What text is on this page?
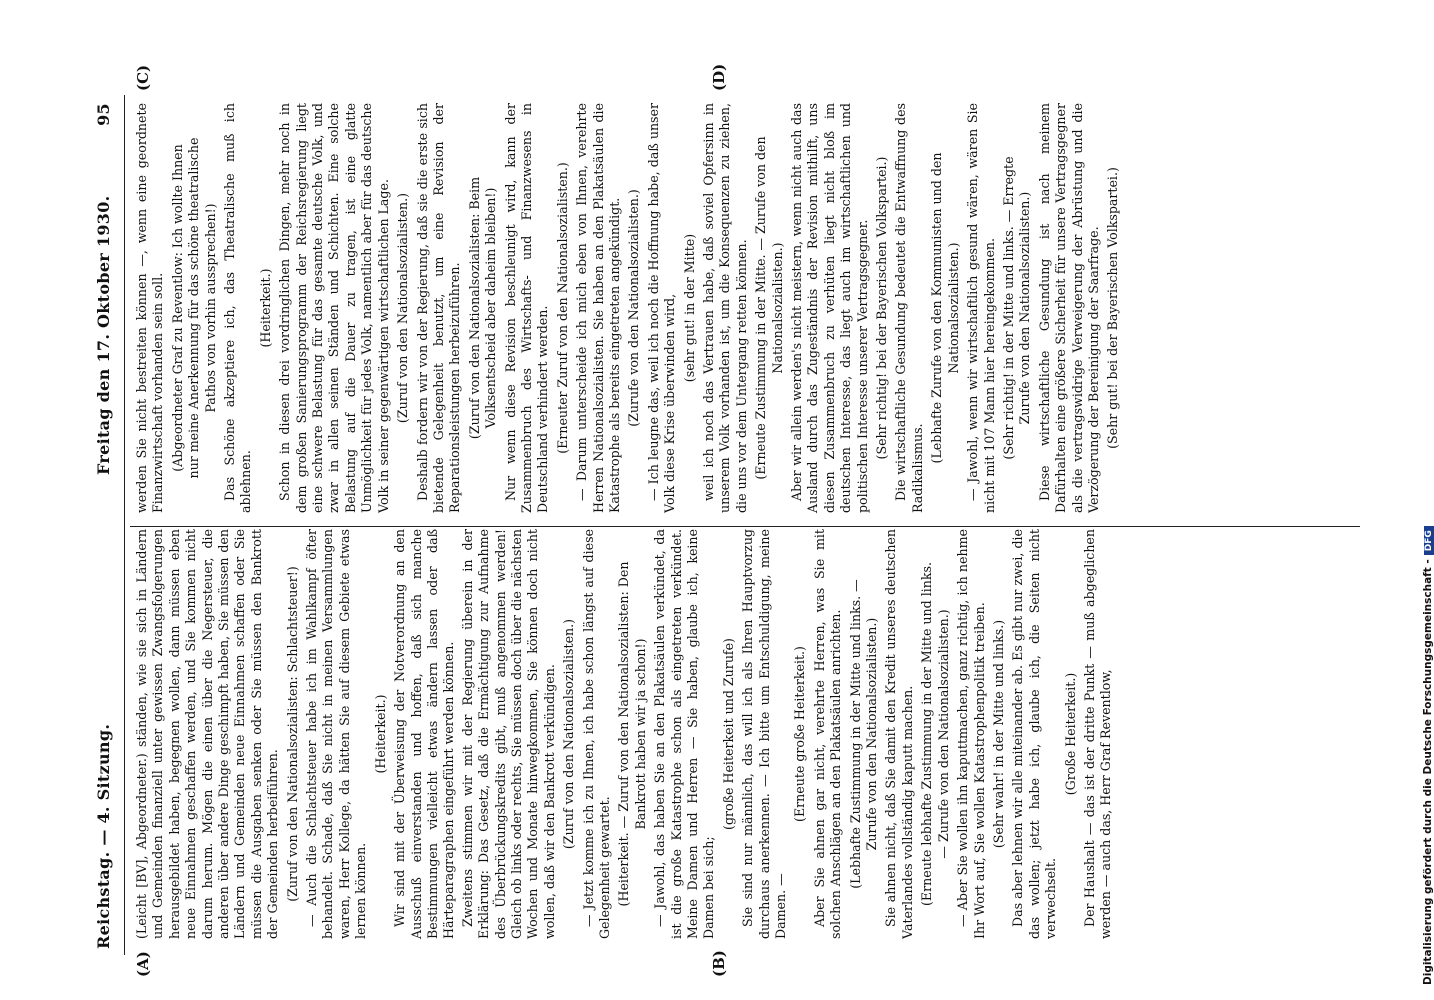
Reichstag. — 4. Sitzung.
Freitag den 17. Oktober 1930.
95
(A)	(B)
(C)	(D)

(Leicht [BV], Abgeordneter.) ständen, wie sie sich in Ländern und Gemeinden finanziell unter gewissen Zwangsfolgerungen herausgebildet haben, begegnen wollen, dann müssen eben neue Einnahmen geschaffen werden, und Sie kommen nicht darum herum. Mögen die einen über die Negersteuer, die anderen über andere Dinge geschimpft haben, Sie müssen den Ländern und Gemeinden neue Einnahmen schaffen oder Sie müssen die Ausgaben senken oder Sie müssen den Bankrott der Gemeinden herbeiführen. (Zuruf von den Nationalsozialisten: Schlachtsteuer!) — Auch die Schlachtsteuer habe ich im Wahlkampf öfter behandelt. Schade, daß Sie nicht in meinen Versammlungen waren, Herr Kollege, da hätten Sie auf diesem Gebiete etwas lernen können.

(Heiterkeit.) Wir sind mit der Überweisung der Notverordnung an den Ausschuß einverstanden und hoffen, daß sich manche Bestimmungen vielleicht etwas ändern lassen oder daß Härteparagraphen eingeführt werden können. Zweitens stimmen wir mit der Regierung überein in der Erklärung: Das Gesetz, daß die Ermächtigung zur Aufnahme des Überbrückungskredits gibt, muß angenommen werden! Gleich ob links oder rechts, Sie müssen doch über die nächsten Wochen und Monate hinwegkommen, Sie können doch nicht wollen, daß wir den Bankrott verkündigen. (Zuruf von den Nationalsozialisten.) — Jetzt komme ich zu Ihnen, ich habe schon längst auf diese Gelegenheit gewartet. (Heiterkeit. — Zuruf von den Nationalsozialisten: Den Bankrott haben wir ja schon!) — Jawohl, das haben Sie an den Plakatsäulen verkündet, da ist die große Katastrophe schon als eingetreten verkündet. Meine Damen und Herren — Sie haben, glaube ich, keine Damen bei sich;

(große Heiterkeit und Zurufe) Sie sind nur männlich, das will ich als Ihren Hauptvorzug durchaus anerkennen. — Ich bitte um Entschuldigung, meine Damen. —

(Erneute große Heiterkeit.) Aber Sie ahnen gar nicht, verehrte Herren, was Sie mit solchen Anschlägen an den Plakatsäulen anrichten. (Lebhafte Zustimmung in der Mitte und links. — Zurufe von den Nationalsozialisten.) Sie ahnen nicht, daß Sie damit den Kredit unseres deutschen Vaterlandes vollständig kaputt machen. (Erneute lebhafte Zustimmung in der Mitte und links. — Zurufe von den Nationalsozialisten.) — Aber Sie wollen ihn kaputtmachen, ganz richtig, ich nehme Ihr Wort auf, Sie wollen Katastrophenpolitik treiben. (Sehr wahr! in der Mitte und links.) Das aber lehnen wir alle miteinander ab. Es gibt nur zwei, die das wollen; jetzt habe ich, glaube ich, die Seiten nicht verwechselt.

(Große Heiterkeit.) Der Haushalt — das ist der dritte Punkt — muß abgeglichen werden — auch das, Herr Graf Reventlow,

werden Sie nicht bestreiten können —, wenn eine geordnete Finanzwirtschaft vorhanden sein soll. (Abgeordneter Graf zu Reventlow: Ich wollte Ihnen nur meine Anerkennung für das schöne theatralische Pathos von vorhin aussprechen!) Das Schöne akzeptiere ich, das Theatralische muß ich ablehnen.

(Heiterkeit.) Schon in diesen drei vordringlichen Dingen, mehr noch in dem großen Sanierungsprogramm der Reichsregierung liegt eine schwere Belastung für das gesamte deutsche Volk, und zwar in allen seinen Ständen und Schichten. Eine solche Belastung auf die Dauer zu tragen, ist eine glatte Unmöglichkeit für jedes Volk, namentlich aber für das deutsche Volk in seiner gegenwärtigen wirtschaftlichen Lage. (Zuruf von den Nationalsozialisten.) Deshalb fordern wir von der Regierung, daß sie die erste sich bietende Gelegenheit benutzt, um eine Revision der Reparationsleistungen herbeizuführen. (Zuruf von den Nationalsozialisten: Beim Volksentscheid aber daheim bleiben!) Nur wenn diese Revision beschleunigt wird, kann der Zusammenbruch des Wirtschafts- und Finanzwesens in Deutschland verhindert werden. (Erneuter Zuruf von den Nationalsozialisten.) — Darum unterscheide ich mich eben von Ihnen, verehrte Herren Nationalsozialisten. Sie haben an den Plakatsäulen die Katastrophe als bereits eingetreten angekündigt. (Zurufe von den Nationalsozialisten.) — Ich leugne das, weil ich noch die Hoffnung habe, daß unser Volk diese Krise überwinden wird, (sehr gut! in der Mitte) weil ich noch das Vertrauen habe, daß soviel Opfersinn in unserem Volk vorhanden ist, um die Konsequenzen zu ziehen, die uns vor dem Untergang retten können. (Erneute Zustimmung in der Mitte. — Zurufe von den Nationalsozialisten.) Aber wir allein werden's nicht meistern, wenn nicht auch das Ausland durch das Zugeständnis der Revision mithilft, uns diesen Zusammenbruch zu verhüten liegt nicht bloß im deutschen Interesse, das liegt auch im wirtschaftlichen und politischen Interesse unserer Vertragsgegner. (Sehr richtig! bei der Bayerischen Volkspartei.) Die wirtschaftliche Gesundung bedeutet die Entwaffnung des Radikalismus.

(Lebhafte Zurufe von den Kommunisten und den Nationalsozialisten.) — Jawohl, wenn wir wirtschaftlich gesund wären, wären Sie nicht mit 107 Mann hier hereingekommen. (Sehr richtig! in der Mitte und links. — Erregte Zurufe von den Nationalsozialisten.) Diese wirtschaftliche Gesundung ist nach meinem Dafürhalten eine größere Sicherheit für unsere Vertragsgegner als die vertragswidrige Verweigerung der Abrüstung und die Verzögerung der Bereinigung der Saarfrage. (Sehr gut! bei der Bayerischen Volkspartei.)

Digitalisierung gefördert durch die Deutsche Forschungsgemeinschaft -DFG
